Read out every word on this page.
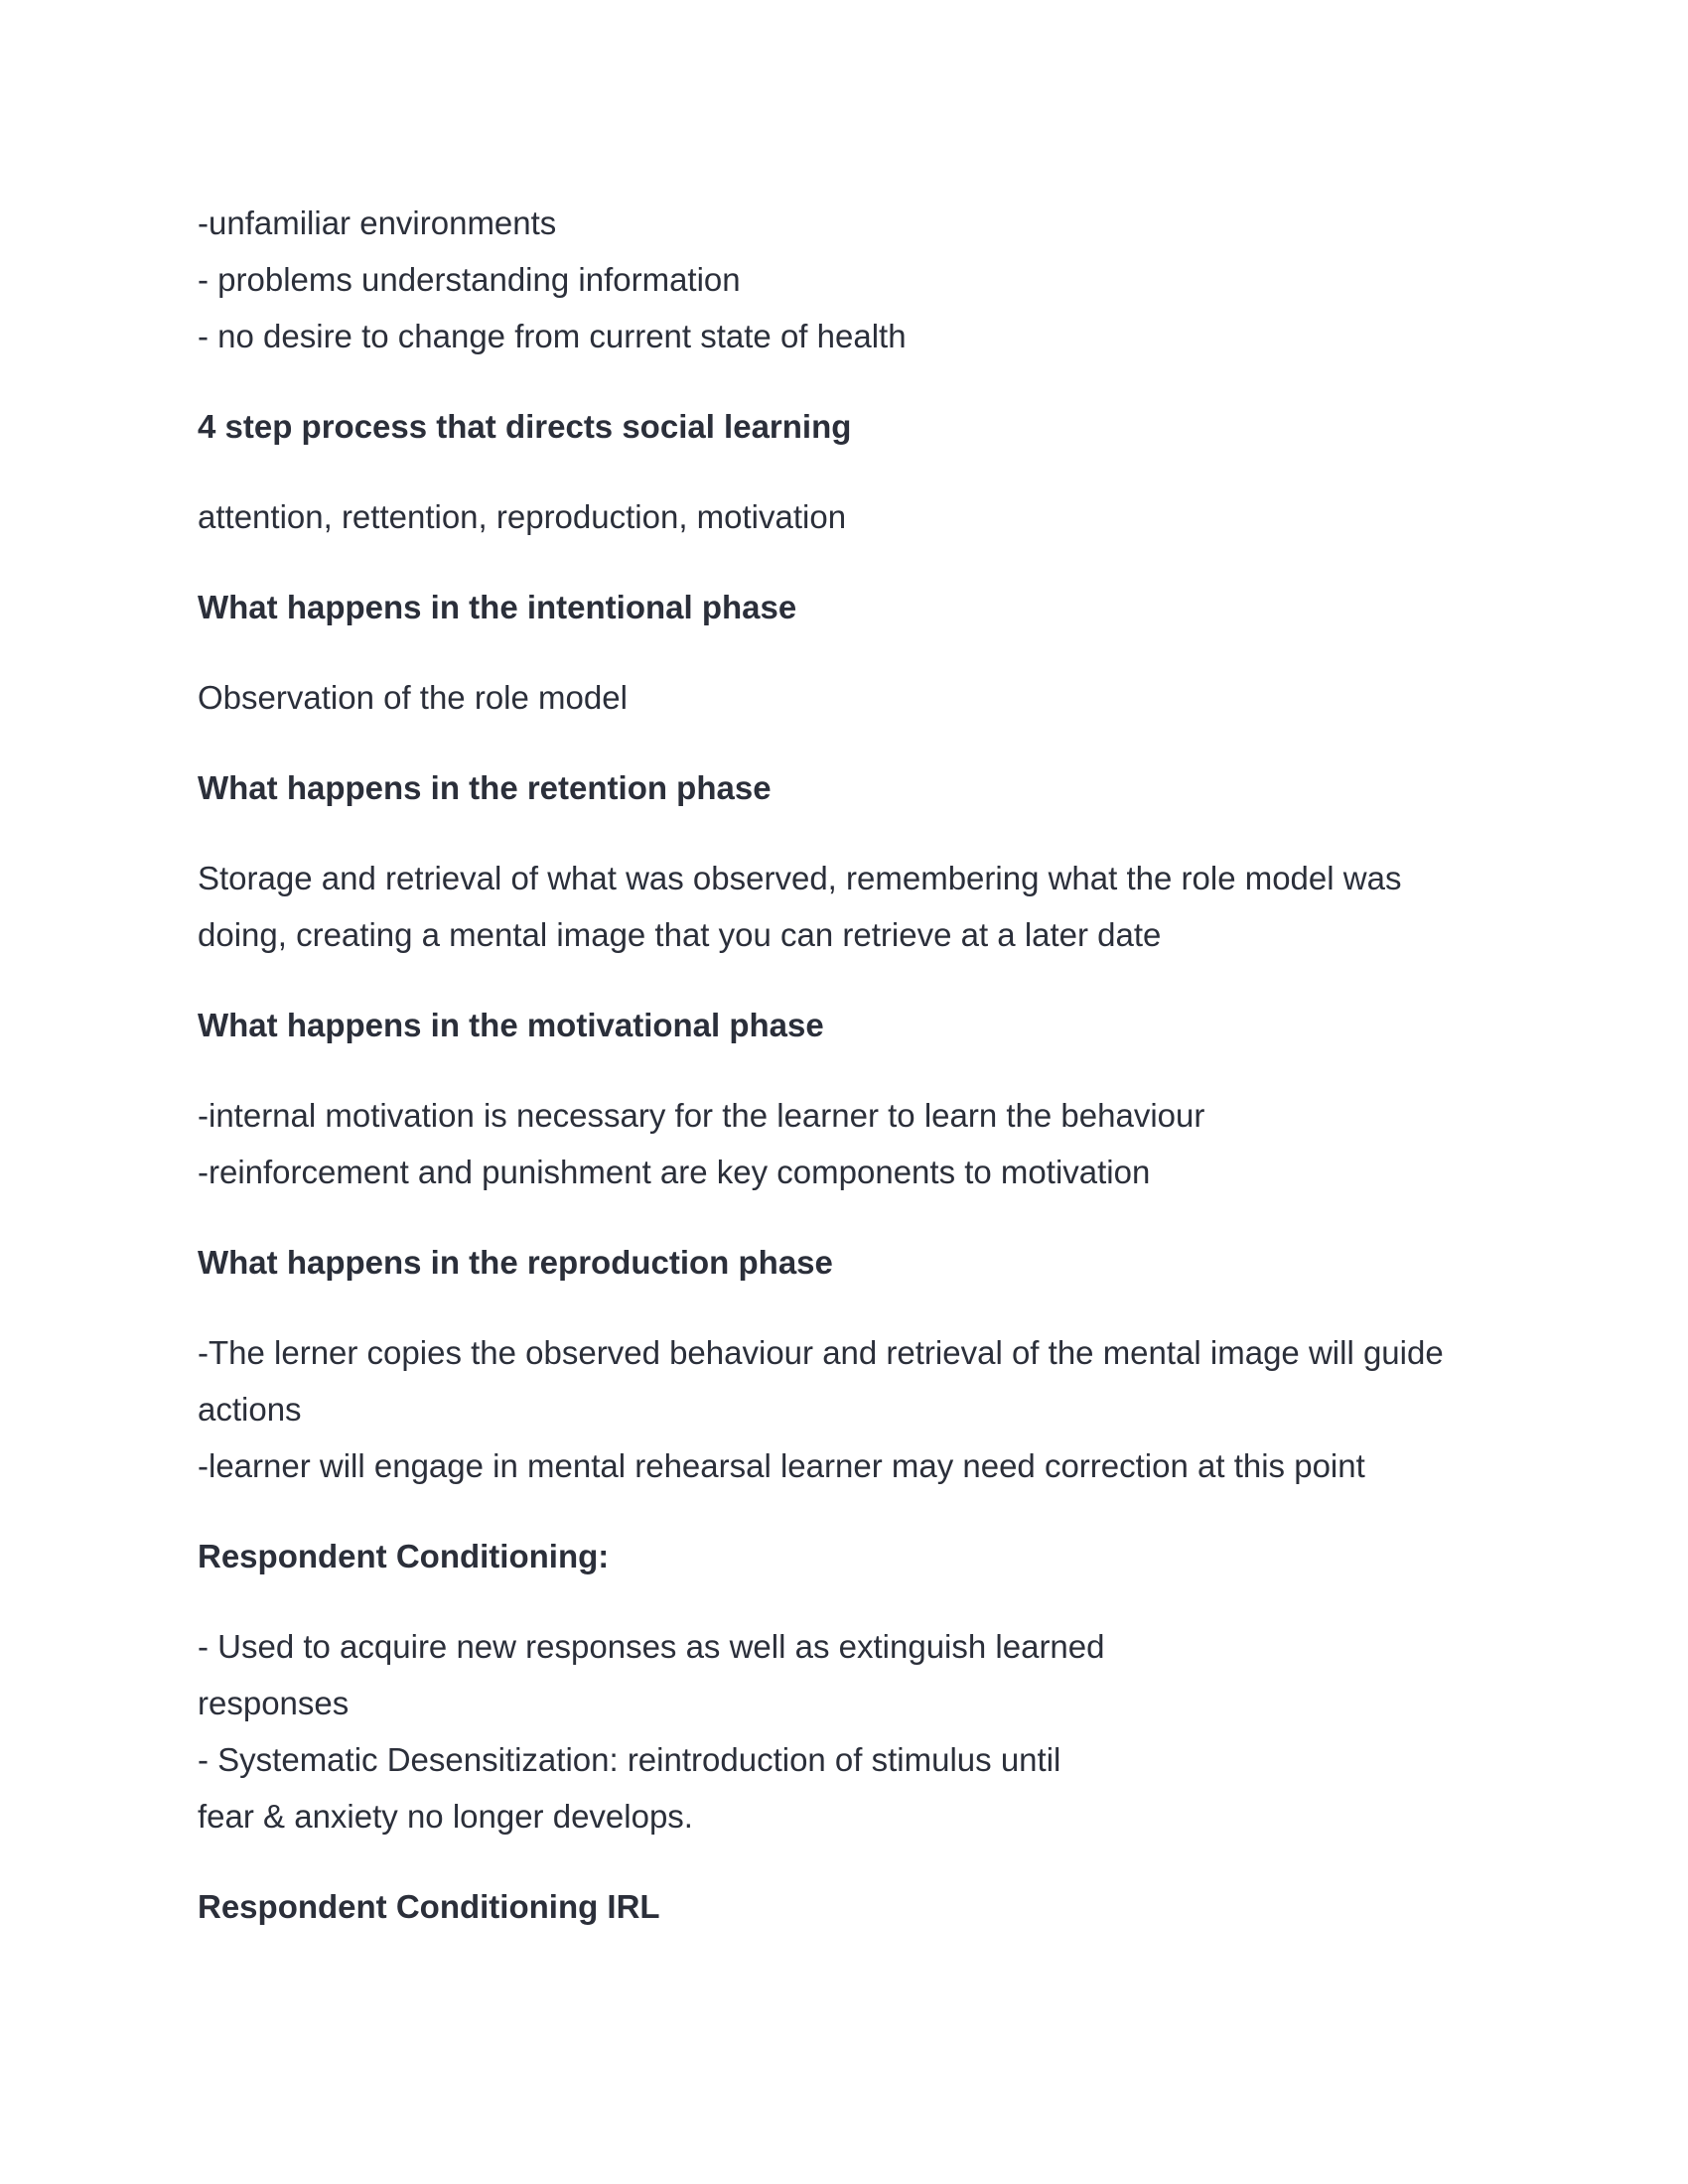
-unfamiliar environments
- problems understanding information
- no desire to change from current state of health
4 step process that directs social learning
attention, rettention, reproduction, motivation
What happens in the intentional phase
Observation of the role model
What happens in the retention phase
Storage and retrieval of what was observed, remembering what the role model was
doing, creating a mental image that you can retrieve at a later date
What happens in the motivational phase
-internal motivation is necessary for the learner to learn the behaviour
-reinforcement and punishment are key components to motivation
What happens in the reproduction phase
-The lerner copies the observed behaviour and retrieval of the mental image will guide
actions
-learner will engage in mental rehearsal learner may need correction at this point
Respondent Conditioning:
- Used to acquire new responses as well as extinguish learned
responses
- Systematic Desensitization: reintroduction of stimulus until
fear & anxiety no longer develops.
Respondent Conditioning IRL
